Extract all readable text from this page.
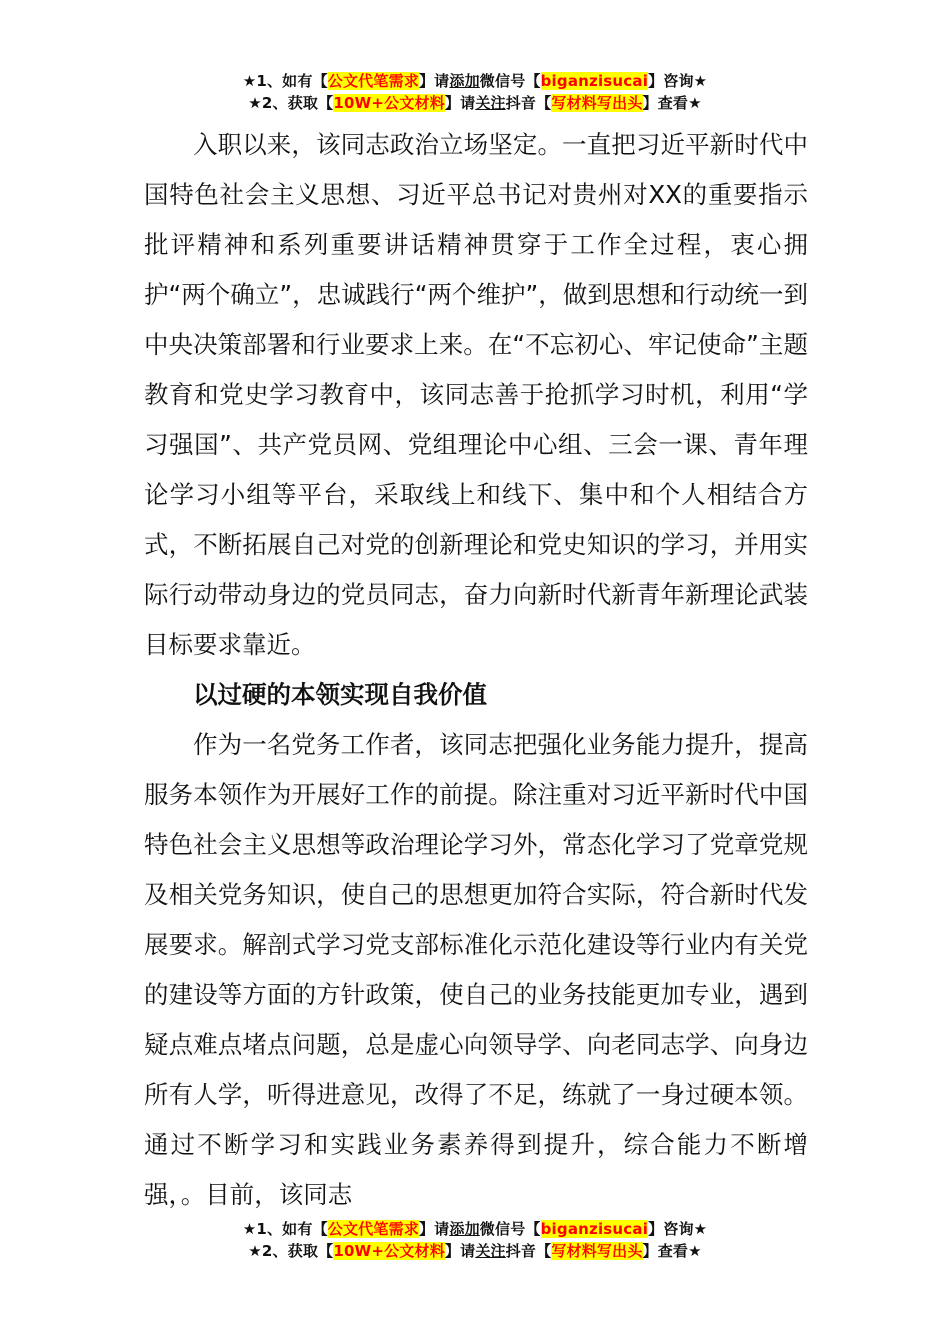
★1、如有【公文代笔需求】请添加微信号【biganzisucai】咨询★
★2、获取【10W+公文材料】请关注抖音【写材料写出头】查看★

入职以来，该同志政治立场坚定。一直把习近平新时代中国特色社会主义思想、习近平总书记对贵州对XX的重要指示批评精神和系列重要讲话精神贯穿于工作全过程，衷心拥护“两个确立”，忠诚践行“两个维护”，做到思想和行动统一到中央决策部署和行业要求上来。在“不忘初心、牢记使命”主题教育和党史学习教育中，该同志善于抢抓学习时机，利用“学习强国”、共产党员网、党组理论中心组、三会一课、青年理论学习小组等平台，采取线上和线下、集中和个人相结合方式，不断拓展自己对党的创新理论和党史知识的学习，并用实际行动带动身边的党员同志，奋力向新时代新青年新理论武装目标要求靠近。

以过硬的本领实现自我价值

作为一名党务工作者，该同志把强化业务能力提升，提高服务本领作为开展好工作的前提。除注重对习近平新时代中国特色社会主义思想等政治理论学习外，常态化学习了党章党规及相关党务知识，使自己的思想更加符合实际，符合新时代发展要求。解剖式学习党支部标准化示范化建设等行业内有关党的建设等方面的方针政策，使自己的业务技能更加专业，遇到疑点难点堵点问题，总是虚心向领导学、向老同志学、向身边所有人学，听得进意见，改得了不足，练就了一身过硬本领。通过不断学习和实践业务素养得到提升，综合能力不断增强，。目前，该同志

★1、如有【公文代笔需求】请添加微信号【biganzisucai】咨询★
★2、获取【10W+公文材料】请关注抖音【写材料写出头】查看★
